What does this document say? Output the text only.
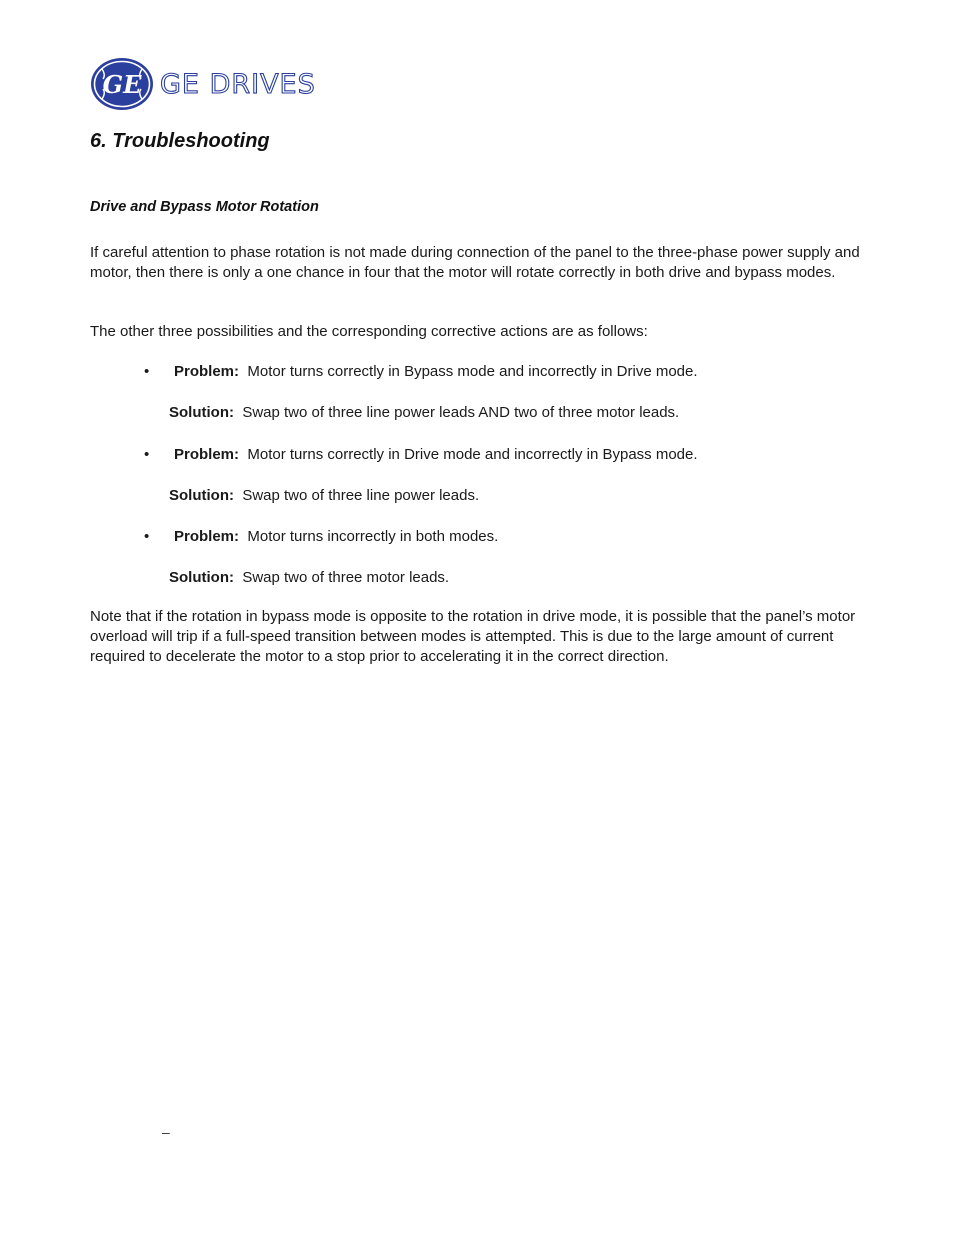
GE GE DRIVES
6. Troubleshooting
Drive and Bypass Motor Rotation

If careful attention to phase rotation is not made during connection of the panel to the three-phase power supply and motor, then there is only a one chance in four that the motor will rotate correctly in both drive and bypass modes.

The other three possibilities and the corresponding corrective actions are as follows:

• Problem: Motor turns correctly in Bypass mode and incorrectly in Drive mode.
Solution: Swap two of three line power leads AND two of three motor leads.
• Problem: Motor turns correctly in Drive mode and incorrectly in Bypass mode.
Solution: Swap two of three line power leads.
• Problem: Motor turns incorrectly in both modes.
Solution: Swap two of three motor leads.

Note that if the rotation in bypass mode is opposite to the rotation in drive mode, it is possible that the panel’s motor overload will trip if a full-speed transition between modes is attempted. This is due to the large amount of current required to decelerate the motor to a stop prior to accelerating it in the correct direction.

–
